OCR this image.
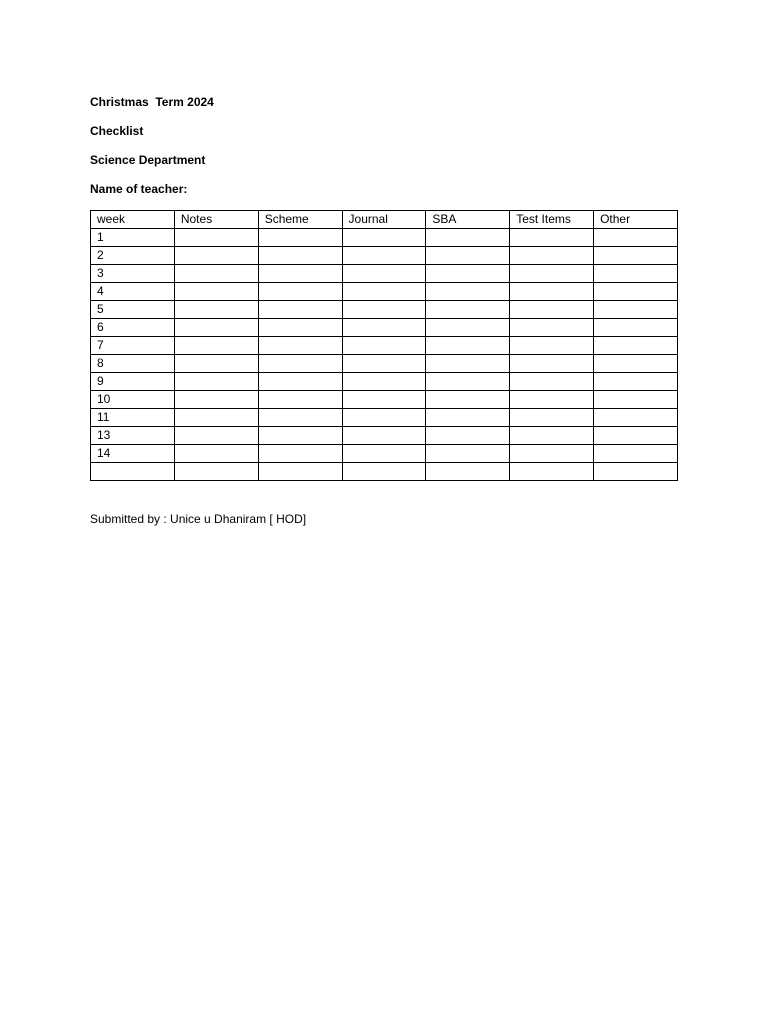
Christmas  Term 2024
Checklist
Science Department
Name of teacher:
week	Notes	Scheme	Journal	SBA	Test Items	Other
1						
2						
3						
4						
5						
6						
7						
8						
9						
10						
11						
13						
14						

Submitted by : Unice u Dhaniram [ HOD]
